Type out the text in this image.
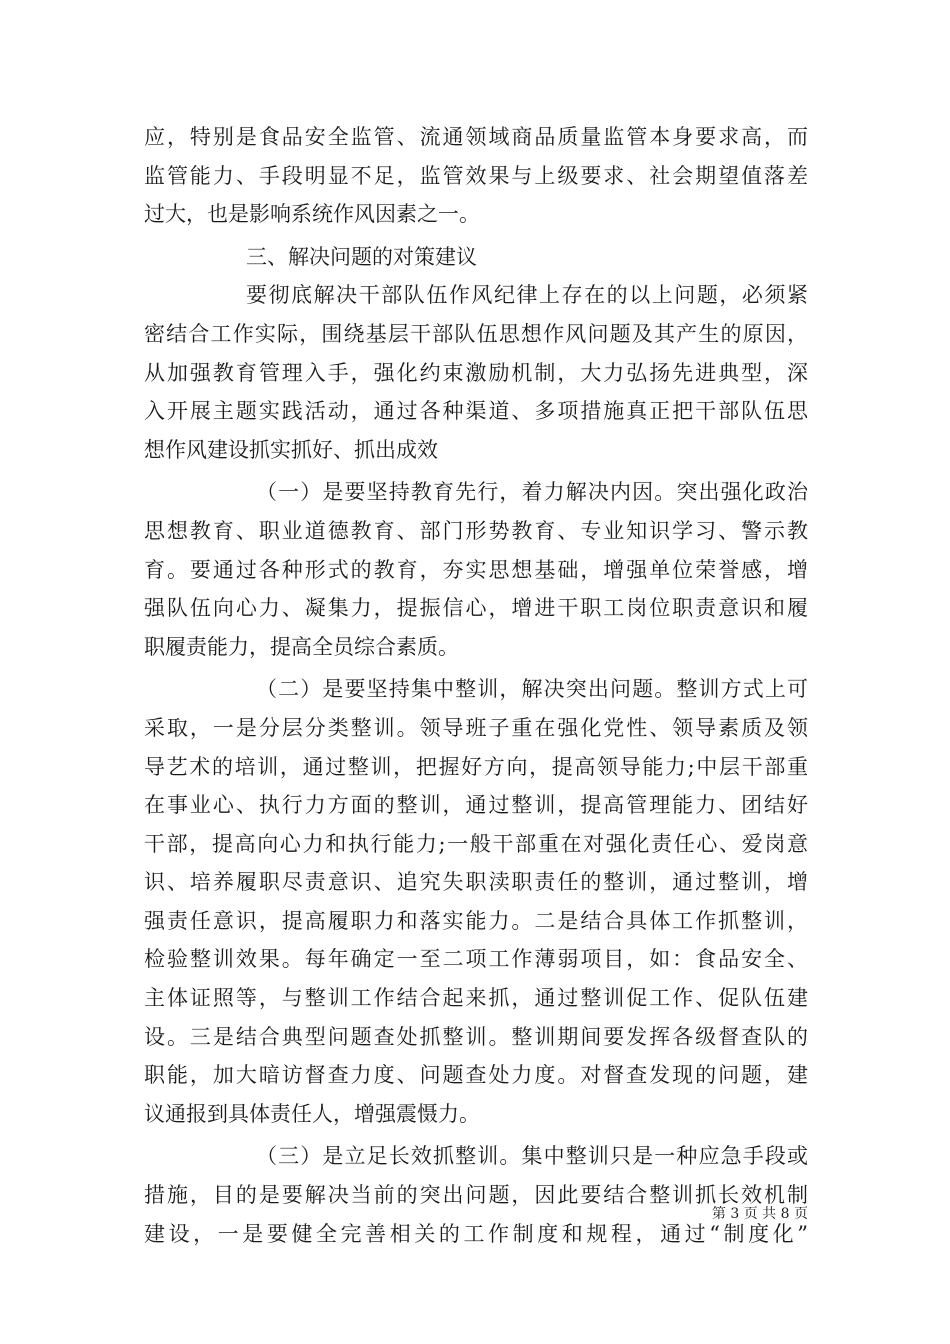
应，特别是食品安全监管、流通领域商品质量监管本身要求高，而
监管能力、手段明显不足，监管效果与上级要求、社会期望值落差
过大，也是影响系统作风因素之一。
三、解决问题的对策建议
要彻底解决干部队伍作风纪律上存在的以上问题，必须紧
密结合工作实际，围绕基层干部队伍思想作风问题及其产生的原因，
从加强教育管理入手，强化约束激励机制，大力弘扬先进典型，深
入开展主题实践活动，通过各种渠道、多项措施真正把干部队伍思
想作风建设抓实抓好、抓出成效
（一）是要坚持教育先行，着力解决内因。突出强化政治
思想教育、职业道德教育、部门形势教育、专业知识学习、警示教
育。要通过各种形式的教育，夯实思想基础，增强单位荣誉感，增
强队伍向心力、凝集力，提振信心，增进干职工岗位职责意识和履
职履责能力，提高全员综合素质。
（二）是要坚持集中整训，解决突出问题。整训方式上可
采取，一是分层分类整训。领导班子重在强化党性、领导素质及领
导艺术的培训，通过整训，把握好方向，提高领导能力;中层干部重
在事业心、执行力方面的整训，通过整训，提高管理能力、团结好
干部，提高向心力和执行能力;一般干部重在对强化责任心、爱岗意
识、培养履职尽责意识、追究失职渎职责任的整训，通过整训，增
强责任意识，提高履职力和落实能力。二是结合具体工作抓整训，
检验整训效果。每年确定一至二项工作薄弱项目，如：食品安全、
主体证照等，与整训工作结合起来抓，通过整训促工作、促队伍建
设。三是结合典型问题查处抓整训。整训期间要发挥各级督查队的
职能，加大暗访督查力度、问题查处力度。对督查发现的问题，建
议通报到具体责任人，增强震慑力。
（三）是立足长效抓整训。集中整训只是一种应急手段或
措施，目的是要解决当前的突出问题，因此要结合整训抓长效机制
建设，一是要健全完善相关的工作制度和规程，通过“制度化”
第 3 页 共 8 页
